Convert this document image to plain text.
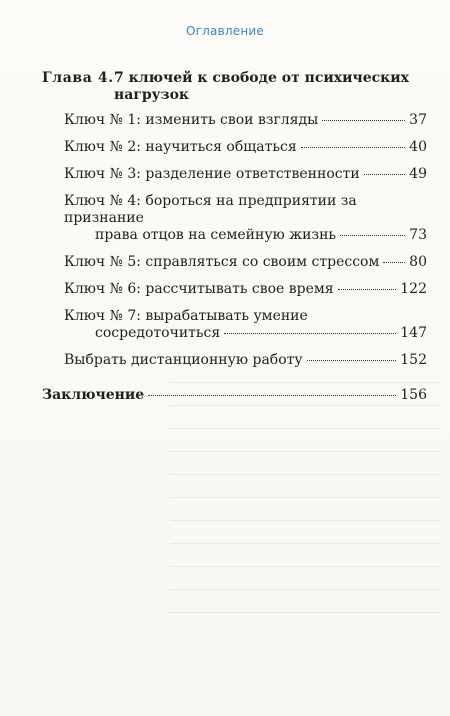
Оглавление
Глава 4. 7 ключей к свободе от психических нагрузок
Ключ № 1: изменить свои взгляды	37
Ключ № 2: научиться общаться	40
Ключ № 3: разделение ответственности	49
Ключ № 4: бороться на предприятии за признание
права отцов на семейную жизнь	73
Ключ № 5: справляться со своим стрессом 80
Ключ № 6: рассчитывать свое время	122
Ключ № 7: вырабатывать умение
сосредоточиться	147
Выбрать дистанционную работу	152
Заключение	156
